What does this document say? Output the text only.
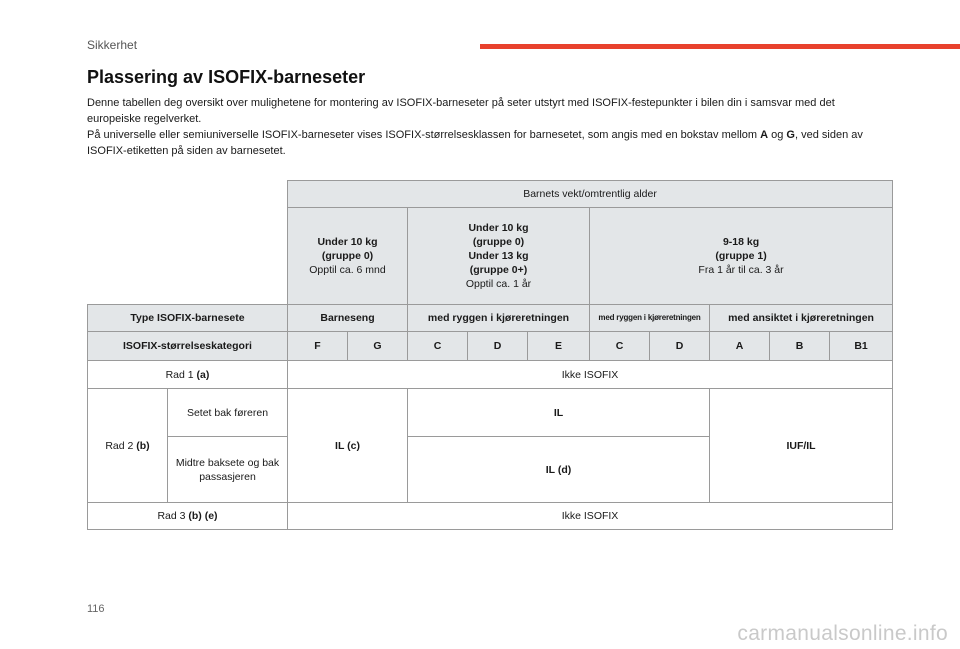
Sikkerhet
Plassering av ISOFIX-barneseter

Denne tabellen deg oversikt over mulighetene for montering av ISOFIX-barneseter på seter utstyrt med ISOFIX-festepunkter i bilen din i samsvar med det europeiske regelverket.

På universelle eller semiuniverselle ISOFIX-barneseter vises ISOFIX-størrelsesklassen for barnesetet, som angis med en bokstav mellom A og G, ved siden av ISOFIX-etiketten på siden av barnesetet.

		Barnets vekt/omtrentlig alder									

		Under 10 kg
(gruppe 0)
Opptil ca. 6 mnd		Under 10 kg
(gruppe 0)
Under 13 kg
(gruppe 0+)
Opptil ca. 1 år			9-18 kg
(gruppe 1)
Fra 1 år til ca. 3 år				

Type ISOFIX-barnesete		Barneseng		med ryggen i kjøreretningen			med ryggen i kjøreretningen		med ansiktet i kjøreretningen		
ISOFIX-størrelseskategori		F	G	C	D	E	C	D	A	B	B1
Rad 1 (a)		Ikke ISOFIX									
Rad 2 (b)	Setet bak føreren	IL (c)		IL					IUF/IL		
	Midtre baksete og bak passasjeren			IL (d)							
Rad 3 (b) (e)		Ikke ISOFIX									
116
carmanualsonline.info
